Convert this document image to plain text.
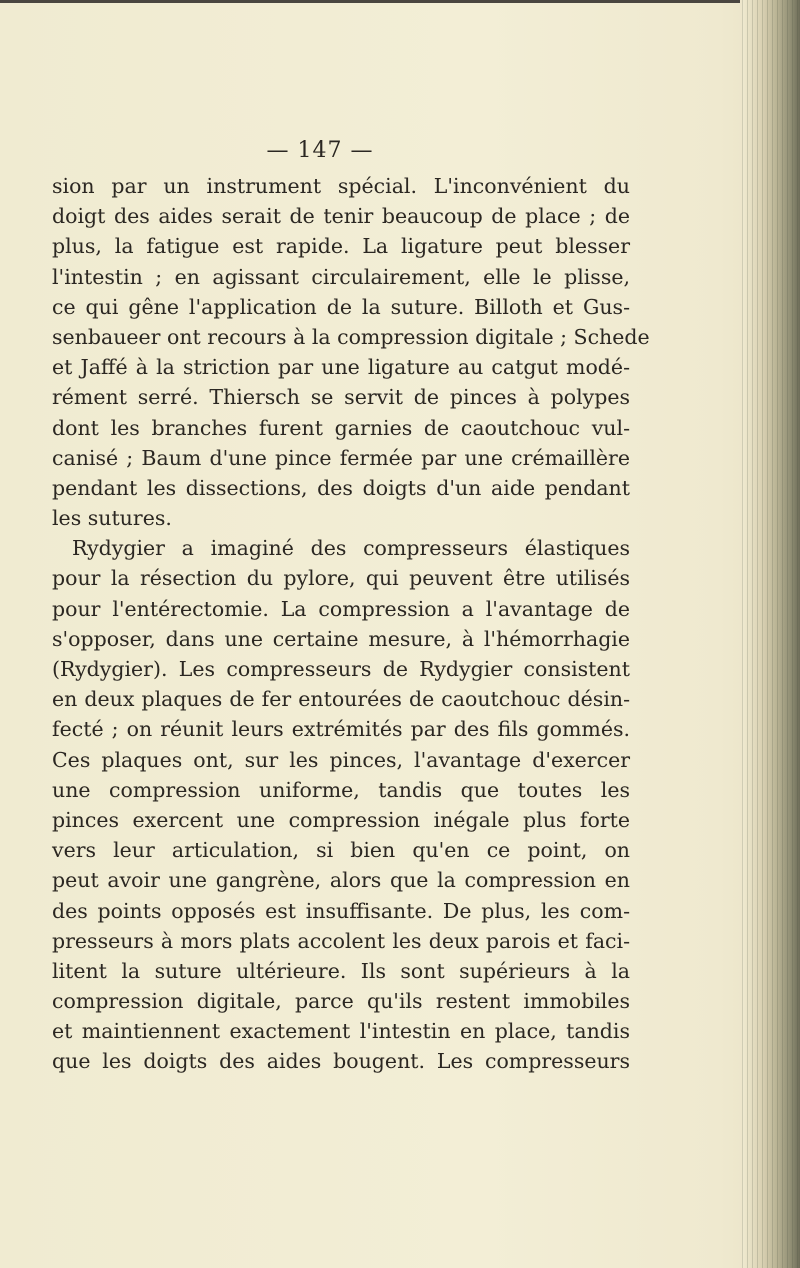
— 147 —
sion par un instrument spécial. L'inconvénient du
doigt des aides serait de tenir beaucoup de place ; de
plus, la fatigue est rapide. La ligature peut blesser
l'intestin ; en agissant circulairement, elle le plisse,
ce qui gêne l'application de la suture. Billoth et Gus-
senbaueer ont recours à la compression digitale ; Schede
et Jaffé à la striction par une ligature au catgut modé-
rément serré. Thiersch se servit de pinces à polypes
dont les branches furent garnies de caoutchouc vul-
canisé ; Baum d'une pince fermée par une crémaillère
pendant les dissections, des doigts d'un aide pendant
les sutures.
Rydygier a imaginé des compresseurs élastiques
pour la résection du pylore, qui peuvent être utilisés
pour l'entérectomie. La compression a l'avantage de
s'opposer, dans une certaine mesure, à l'hémorrhagie
(Rydygier). Les compresseurs de Rydygier consistent
en deux plaques de fer entourées de caoutchouc désin-
fecté ; on réunit leurs extrémités par des fils gommés.
Ces plaques ont, sur les pinces, l'avantage d'exercer
une compression uniforme, tandis que toutes les
pinces exercent une compression inégale plus forte
vers leur articulation, si bien qu'en ce point, on
peut avoir une gangrène, alors que la compression en
des points opposés est insuffisante. De plus, les com-
presseurs à mors plats accolent les deux parois et faci-
litent la suture ultérieure. Ils sont supérieurs à la
compression digitale, parce qu'ils restent immobiles
et maintiennent exactement l'intestin en place, tandis
que les doigts des aides bougent. Les compresseurs
